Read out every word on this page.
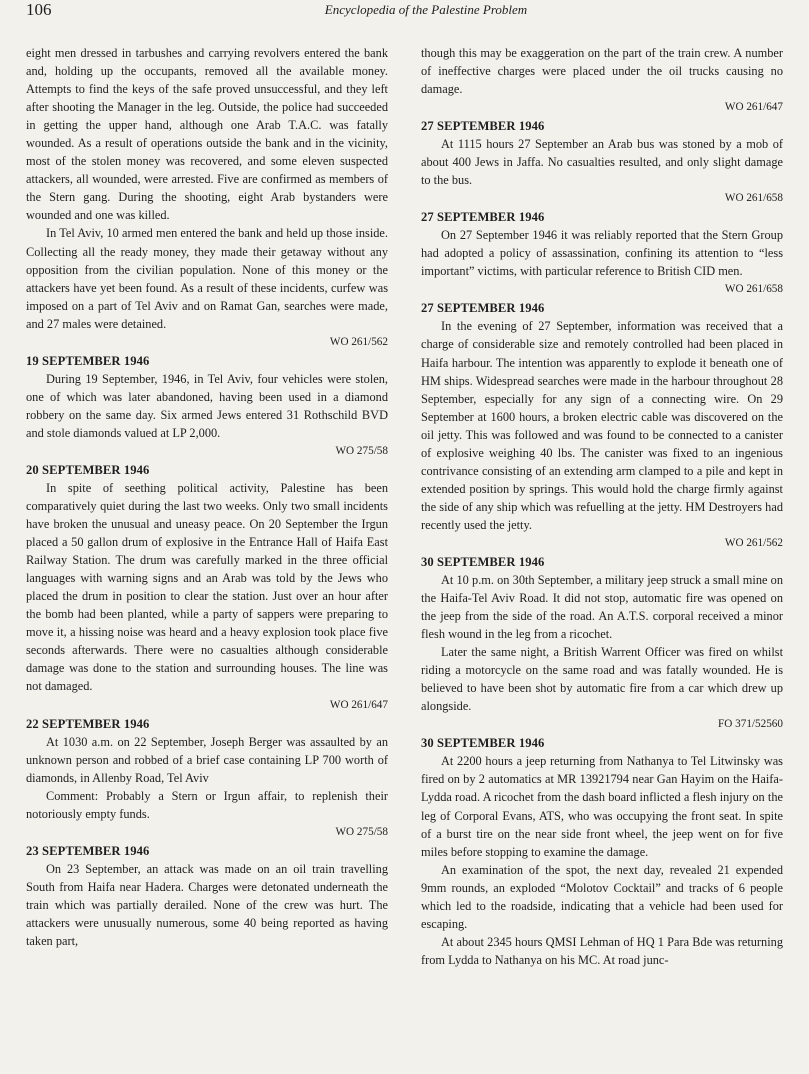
106	Encyclopedia of the Palestine Problem

eight men dressed in tarbushes and carrying revolvers entered the bank and, holding up the occupants, removed all the available money. Attempts to find the keys of the safe proved unsuccessful, and they left after shooting the Manager in the leg. Outside, the police had succeeded in getting the upper hand, although one Arab T.A.C. was fatally wounded. As a result of operations outside the bank and in the vicinity, most of the stolen money was recovered, and some eleven suspected attackers, all wounded, were arrested. Five are confirmed as members of the Stern gang. During the shooting, eight Arab bystanders were wounded and one was killed.

In Tel Aviv, 10 armed men entered the bank and held up those inside. Collecting all the ready money, they made their getaway without any opposition from the civilian population. None of this money or the attackers have yet been found. As a result of these incidents, curfew was imposed on a part of Tel Aviv and on Ramat Gan, searches were made, and 27 males were detained.

WO 261/562

19 SEPTEMBER 1946

During 19 September, 1946, in Tel Aviv, four vehicles were stolen, one of which was later abandoned, having been used in a diamond robbery on the same day. Six armed Jews entered 31 Rothschild BVD and stole diamonds valued at LP 2,000.

WO 275/58

20 SEPTEMBER 1946

In spite of seething political activity, Palestine has been comparatively quiet during the last two weeks. Only two small incidents have broken the unusual and uneasy peace. On 20 September the Irgun placed a 50 gallon drum of explosive in the Entrance Hall of Haifa East Railway Station. The drum was carefully marked in the three official languages with warning signs and an Arab was told by the Jews who placed the drum in position to clear the station. Just over an hour after the bomb had been planted, while a party of sappers were preparing to move it, a hissing noise was heard and a heavy explosion took place five seconds afterwards. There were no casualties although considerable damage was done to the station and surrounding houses. The line was not damaged.

WO 261/647

22 SEPTEMBER 1946

At 1030 a.m. on 22 September, Joseph Berger was assaulted by an unknown person and robbed of a brief case containing LP 700 worth of diamonds, in Allenby Road, Tel Aviv

Comment: Probably a Stern or Irgun affair, to replenish their notoriously empty funds.

WO 275/58

23 SEPTEMBER 1946

On 23 September, an attack was made on an oil train travelling South from Haifa near Hadera. Charges were detonated underneath the train which was partially derailed. None of the crew was hurt. The attackers were unusually numerous, some 40 being reported as having taken part,

though this may be exaggeration on the part of the train crew. A number of ineffective charges were placed under the oil trucks causing no damage.

WO 261/647

27 SEPTEMBER 1946

At 1115 hours 27 September an Arab bus was stoned by a mob of about 400 Jews in Jaffa. No casualties resulted, and only slight damage to the bus.

WO 261/658

27 SEPTEMBER 1946

On 27 September 1946 it was reliably reported that the Stern Group had adopted a policy of assassination, confining its attention to “less important” victims, with particular reference to British CID men.

WO 261/658

27 SEPTEMBER 1946

In the evening of 27 September, information was received that a charge of considerable size and remotely controlled had been placed in Haifa harbour. The intention was apparently to explode it beneath one of HM ships. Widespread searches were made in the harbour throughout 28 September, especially for any sign of a connecting wire. On 29 September at 1600 hours, a broken electric cable was discovered on the oil jetty. This was followed and was found to be connected to a canister of explosive weighing 40 lbs. The canister was fixed to an ingenious contrivance consisting of an extending arm clamped to a pile and kept in extended position by springs. This would hold the charge firmly against the side of any ship which was refuelling at the jetty. HM Destroyers had recently used the jetty.

WO 261/562

30 SEPTEMBER 1946

At 10 p.m. on 30th September, a military jeep struck a small mine on the Haifa-Tel Aviv Road. It did not stop, automatic fire was opened on the jeep from the side of the road. An A.T.S. corporal received a minor flesh wound in the leg from a ricochet.

Later the same night, a British Warrent Officer was fired on whilst riding a motorcycle on the same road and was fatally wounded. He is believed to have been shot by automatic fire from a car which drew up alongside.

FO 371/52560

30 SEPTEMBER 1946

At 2200 hours a jeep returning from Nathanya to Tel Litwinsky was fired on by 2 automatics at MR 13921794 near Gan Hayim on the Haifa-Lydda road. A ricochet from the dash board inflicted a flesh injury on the leg of Corporal Evans, ATS, who was occupying the front seat. In spite of a burst tire on the near side front wheel, the jeep went on for five miles before stopping to examine the damage.

An examination of the spot, the next day, revealed 21 expended 9mm rounds, an exploded “Molotov Cocktail” and tracks of 6 people which led to the roadside, indicating that a vehicle had been used for escaping.

At about 2345 hours QMSI Lehman of HQ 1 Para Bde was returning from Lydda to Nathanya on his MC. At road junc-
